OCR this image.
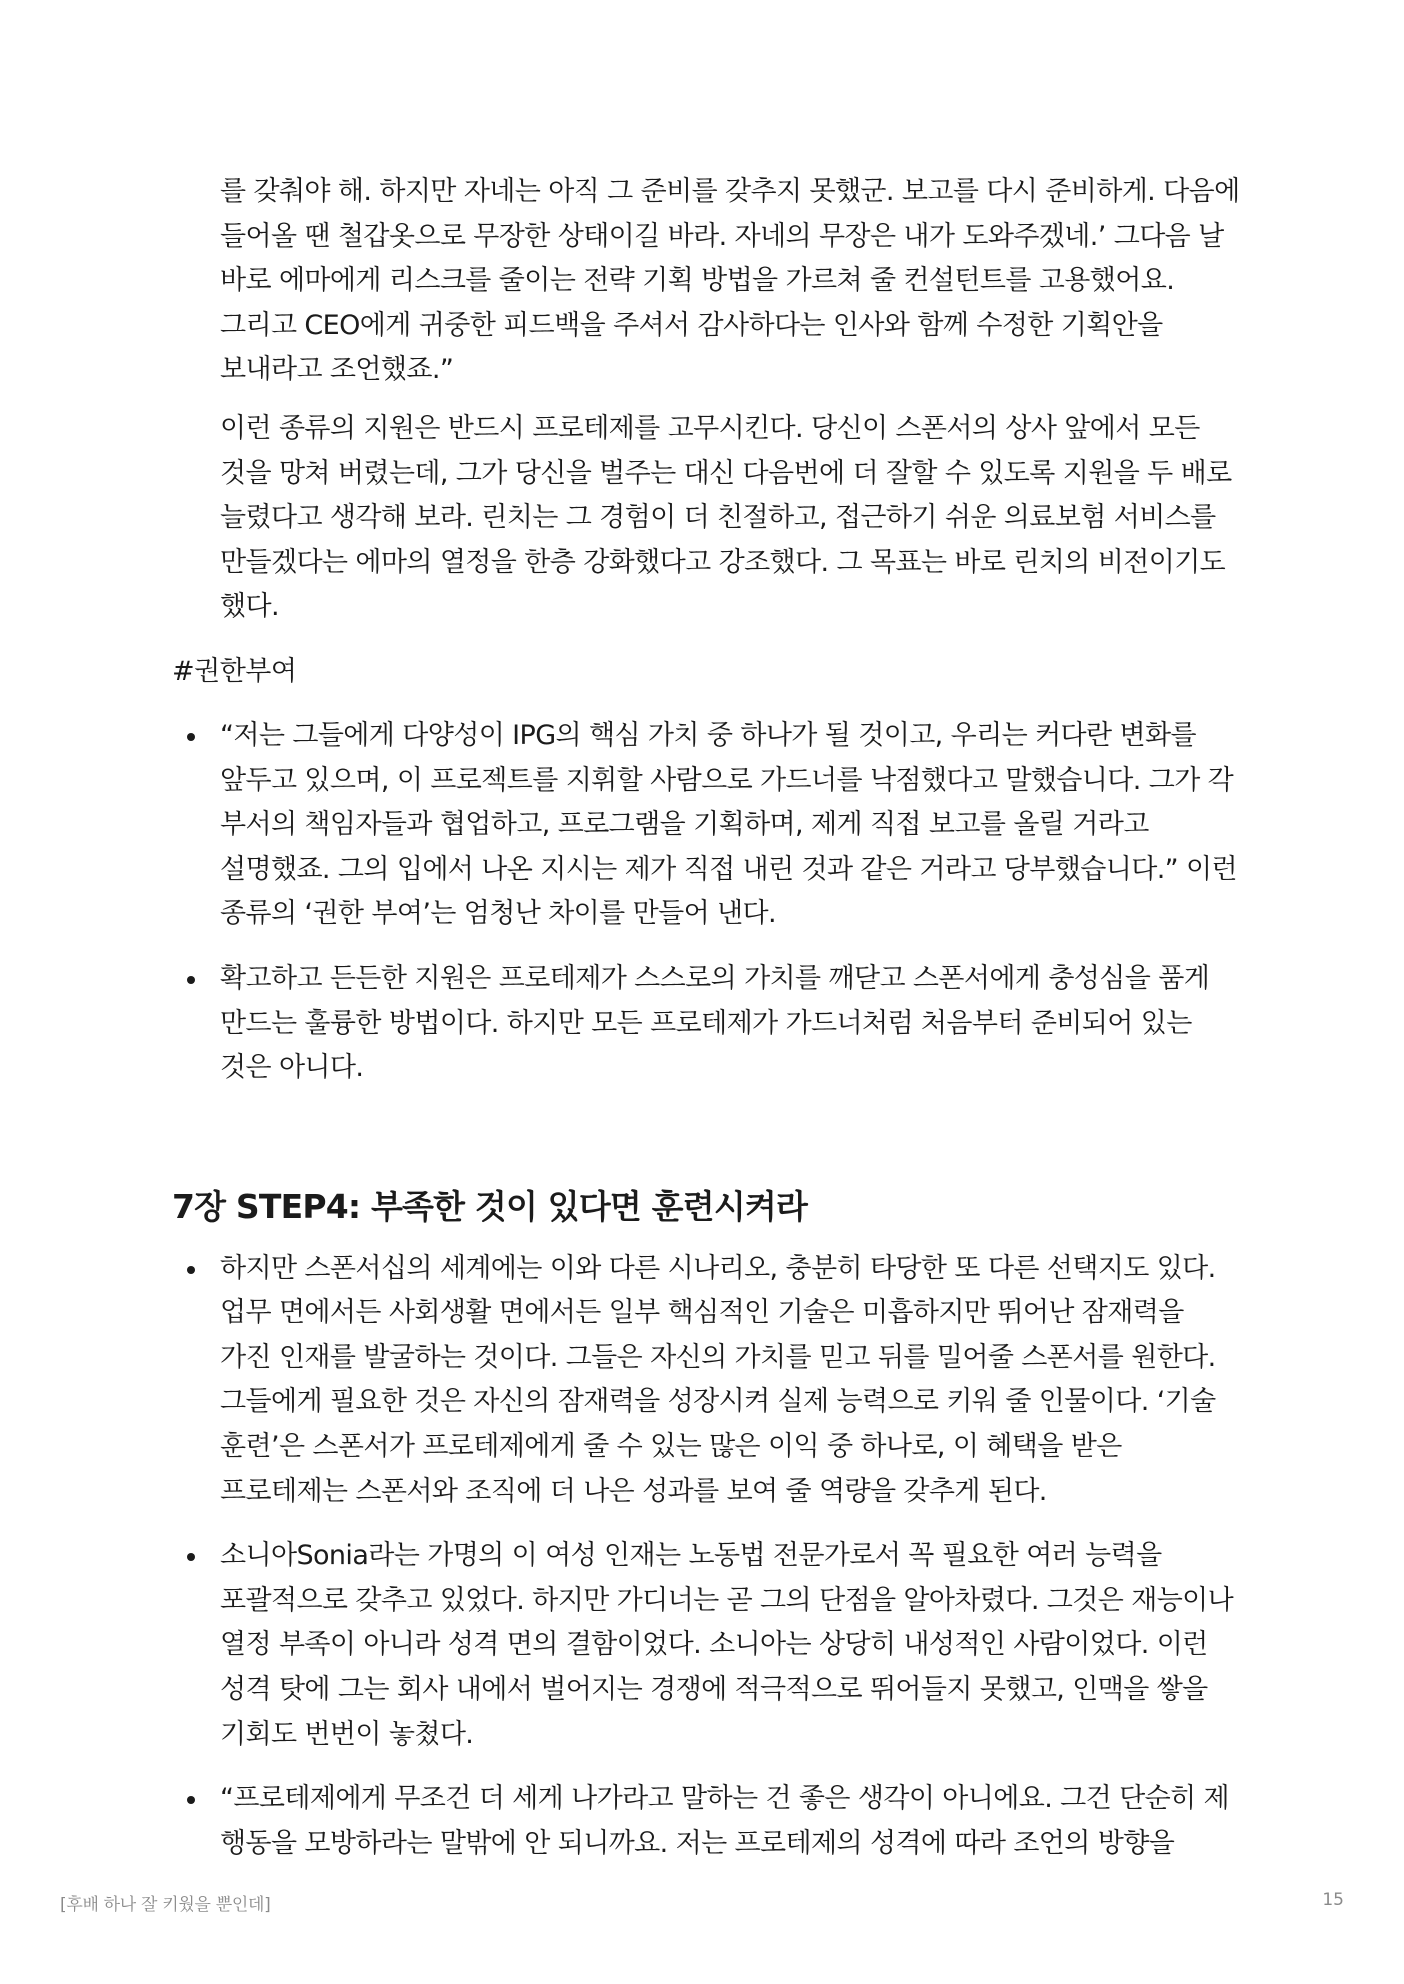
를 갖춰야 해. 하지만 자네는 아직 그 준비를 갖추지 못했군. 보고를 다시 준비하게. 다음에 들어올 땐 철갑옷으로 무장한 상태이길 바라. 자네의 무장은 내가 도와주겠네.’ 그다음 날 바로 에마에게 리스크를 줄이는 전략 기획 방법을 가르쳐 줄 컨설턴트를 고용했어요. 그리고 CEO에게 귀중한 피드백을 주셔서 감사하다는 인사와 함께 수정한 기획안을 보내라고 조언했죠.”

이런 종류의 지원은 반드시 프로테제를 고무시킨다. 당신이 스폰서의 상사 앞에서 모든 것을 망쳐 버렸는데, 그가 당신을 벌주는 대신 다음번에 더 잘할 수 있도록 지원을 두 배로 늘렸다고 생각해 보라. 린치는 그 경험이 더 친절하고, 접근하기 쉬운 의료보험 서비스를 만들겠다는 에마의 열정을 한층 강화했다고 강조했다. 그 목표는 바로 린치의 비전이기도 했다.

#권한부여
“저는 그들에게 다양성이 IPG의 핵심 가치 중 하나가 될 것이고, 우리는 커다란 변화를 앞두고 있으며, 이 프로젝트를 지휘할 사람으로 가드너를 낙점했다고 말했습니다. 그가 각 부서의 책임자들과 협업하고, 프로그램을 기획하며, 제게 직접 보고를 올릴 거라고 설명했죠. 그의 입에서 나온 지시는 제가 직접 내린 것과 같은 거라고 당부했습니다.” 이런 종류의 ‘권한 부여’는 엄청난 차이를 만들어 낸다.
확고하고 든든한 지원은 프로테제가 스스로의 가치를 깨닫고 스폰서에게 충성심을 품게 만드는 훌륭한 방법이다. 하지만 모든 프로테제가 가드너처럼 처음부터 준비되어 있는 것은 아니다.
7장 STEP4: 부족한 것이 있다면 훈련시켜라
하지만 스폰서십의 세계에는 이와 다른 시나리오, 충분히 타당한 또 다른 선택지도 있다. 업무 면에서든 사회생활 면에서든 일부 핵심적인 기술은 미흡하지만 뛰어난 잠재력을 가진 인재를 발굴하는 것이다. 그들은 자신의 가치를 믿고 뒤를 밀어줄 스폰서를 원한다. 그들에게 필요한 것은 자신의 잠재력을 성장시켜 실제 능력으로 키워 줄 인물이다. ‘기술 훈련’은 스폰서가 프로테제에게 줄 수 있는 많은 이익 중 하나로, 이 혜택을 받은 프로테제는 스폰서와 조직에 더 나은 성과를 보여 줄 역량을 갖추게 된다.
소니아Sonia라는 가명의 이 여성 인재는 노동법 전문가로서 꼭 필요한 여러 능력을 포괄적으로 갖추고 있었다. 하지만 가디너는 곧 그의 단점을 알아차렸다. 그것은 재능이나 열정 부족이 아니라 성격 면의 결함이었다. 소니아는 상당히 내성적인 사람이었다. 이런 성격 탓에 그는 회사 내에서 벌어지는 경쟁에 적극적으로 뛰어들지 못했고, 인맥을 쌓을 기회도 번번이 놓쳤다.
“프로테제에게 무조건 더 세게 나가라고 말하는 건 좋은 생각이 아니에요. 그건 단순히 제 행동을 모방하라는 말밖에 안 되니까요. 저는 프로테제의 성격에 따라 조언의 방향을
[후배 하나 잘 키웠을 뿐인데]	15
